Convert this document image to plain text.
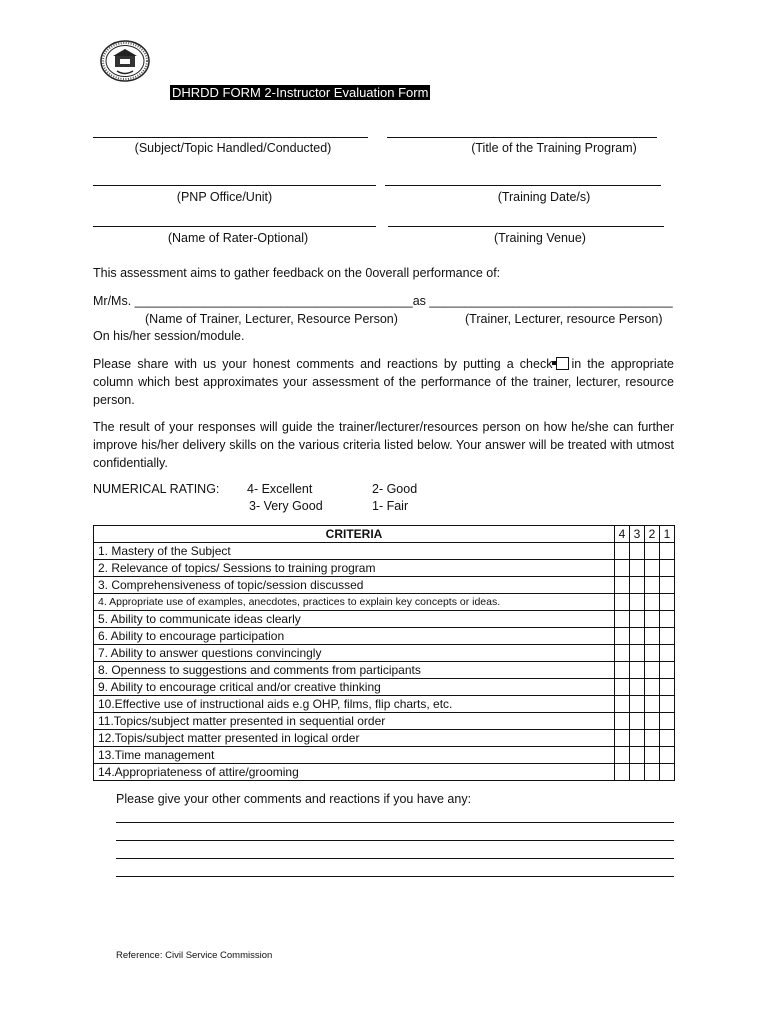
DHRDD FORM 2-Instructor Evaluation Form
(Subject/Topic Handled/Conducted)	(Title of the Training Program)
(PNP Office/Unit)	(Training Date/s)
(Name of Rater-Optional)	(Training Venue)
This assessment aims to gather feedback on the 0overall performance of:
Mr/Ms. ________________________________________as ___________________________________
(Name of Trainer, Lecturer, Resource Person)	(Trainer, Lecturer, resource Person)
On his/her session/module.
Please share with us your honest comments and reactions by putting a check in the appropriate column which best approximates your assessment of the performance of the trainer, lecturer, resource person.
The result of your responses will guide the trainer/lecturer/resources person on how he/she can further improve his/her delivery skills on the various criteria listed below. Your answer will be treated with utmost confidentially.
NUMERICAL RATING: 4- Excellent	2- Good
3- Very Good	1- Fair
CRITERIA	4	3	2	1
1. Mastery of the Subject				
2. Relevance of topics/ Sessions to training program				
3. Comprehensiveness of topic/session discussed				
4. Appropriate use of examples, anecdotes, practices to explain key concepts or ideas.				
5. Ability to communicate ideas clearly				
6. Ability to encourage participation				
7. Ability to answer questions convincingly				
8. Openness to suggestions and comments from participants				
9. Ability to encourage critical and/or creative thinking				
10.Effective use of instructional aids e.g OHP, films, flip charts, etc.				
11.Topics/subject matter presented in sequential order				
12.Topis/subject matter presented in logical order				
13.Time management				
14.Appropriateness of attire/grooming				
Please give your other comments and reactions if you have any:
Reference: Civil Service Commission
